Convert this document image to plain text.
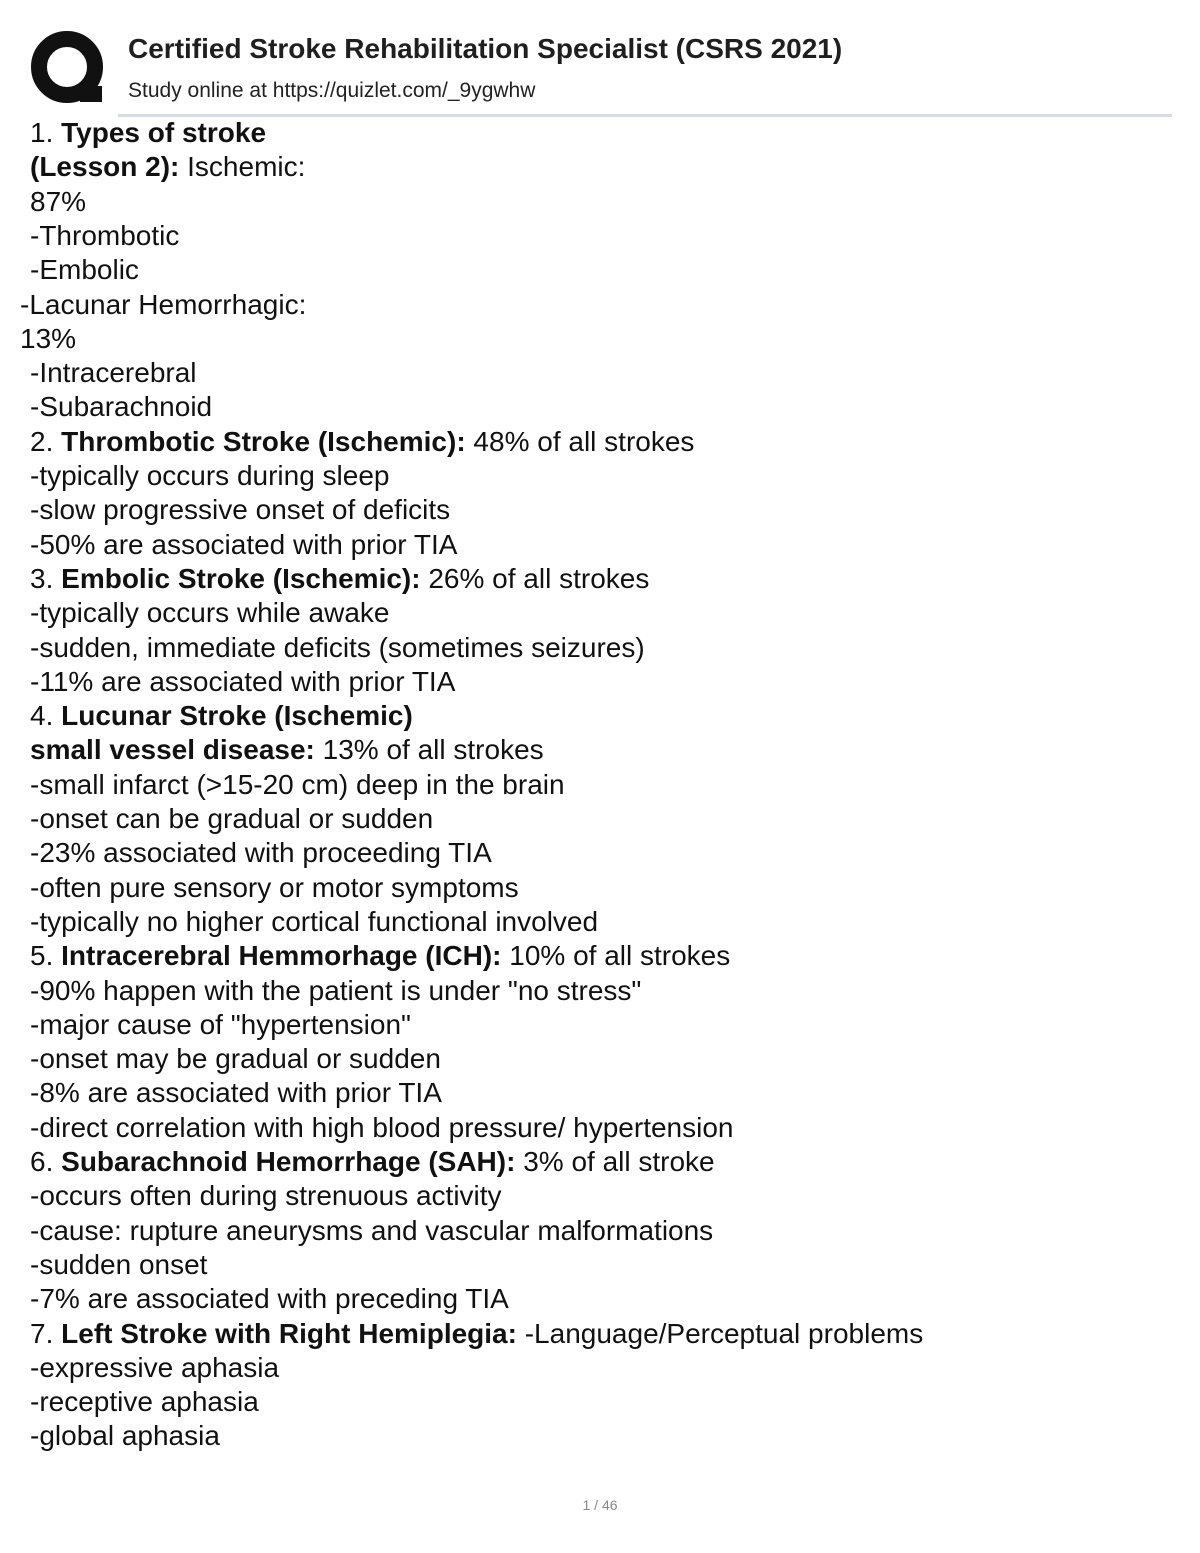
Certified Stroke Rehabilitation Specialist (CSRS 2021)
Study online at https://quizlet.com/_9ygwhw
1. Types of stroke
(Lesson 2): Ischemic:
87%
-Thrombotic
-Embolic
-Lacunar Hemorrhagic:
13%
-Intracerebral
-Subarachnoid
2. Thrombotic Stroke (Ischemic): 48% of all strokes
-typically occurs during sleep
-slow progressive onset of deficits
-50% are associated with prior TIA
3. Embolic Stroke (Ischemic): 26% of all strokes
-typically occurs while awake
-sudden, immediate deficits (sometimes seizures)
-11% are associated with prior TIA
4. Lucunar Stroke (Ischemic)
small vessel disease: 13% of all strokes
-small infarct (>15-20 cm) deep in the brain
-onset can be gradual or sudden
-23% associated with proceeding TIA
-often pure sensory or motor symptoms
-typically no higher cortical functional involved
5. Intracerebral Hemmorhage (ICH): 10% of all strokes
-90% happen with the patient is under "no stress"
-major cause of "hypertension"
-onset may be gradual or sudden
-8% are associated with prior TIA
-direct correlation with high blood pressure/ hypertension
6. Subarachnoid Hemorrhage (SAH): 3% of all stroke
-occurs often during strenuous activity
-cause: rupture aneurysms and vascular malformations
-sudden onset
-7% are associated with preceding TIA
7. Left Stroke with Right Hemiplegia: -Language/Perceptual problems
-expressive aphasia
-receptive aphasia
-global aphasia
1 / 46
